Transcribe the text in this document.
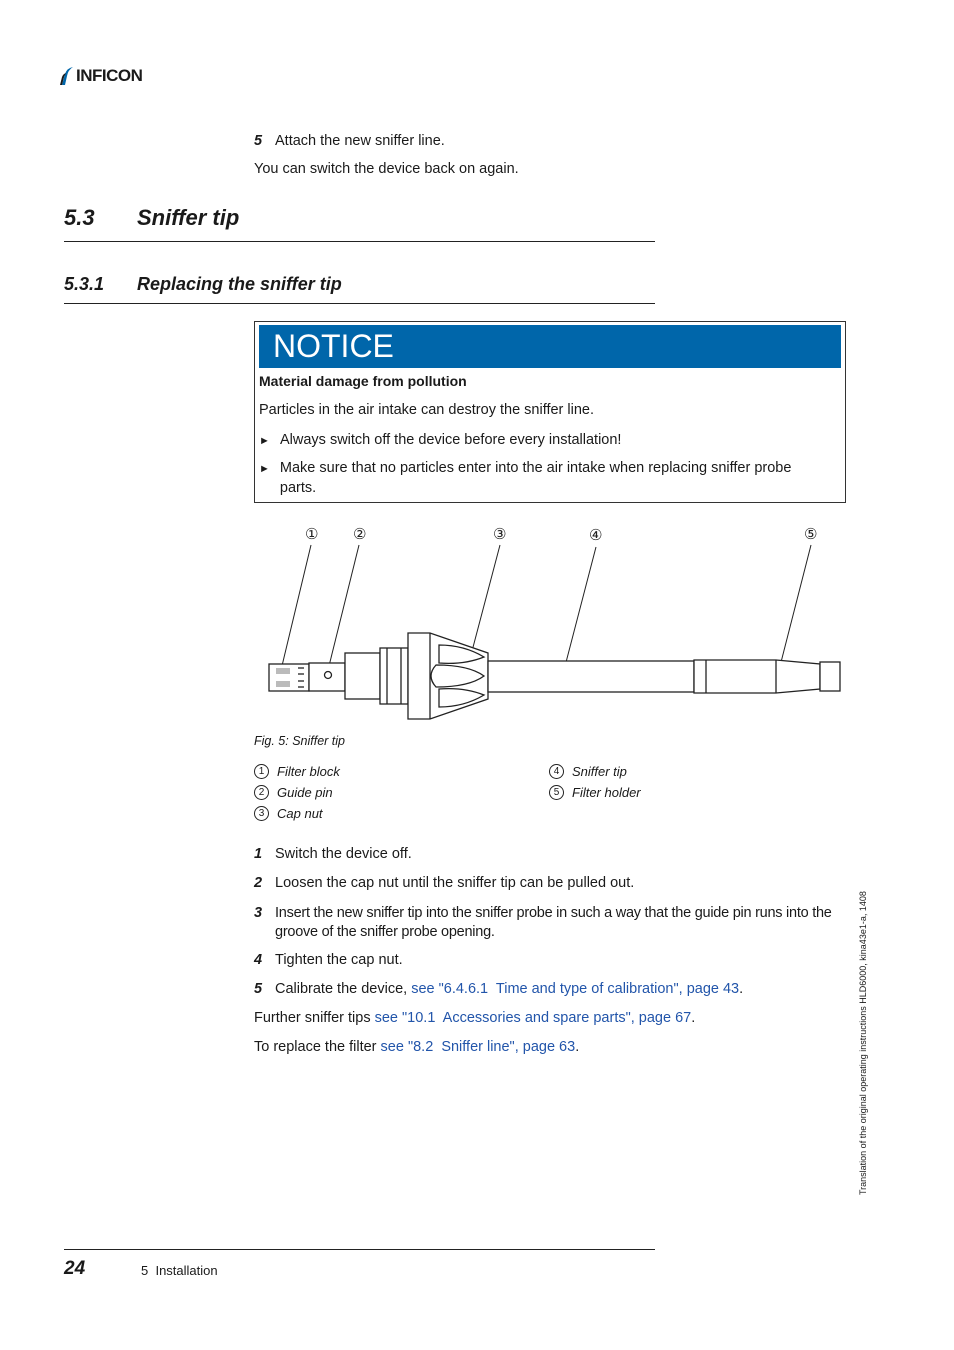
INFICON
5 Attach the new sniffer line.
You can switch the device back on again.
5.3 Sniffer tip
5.3.1 Replacing the sniffer tip
NOTICE
Material damage from pollution
Particles in the air intake can destroy the sniffer line.
► Always switch off the device before every installation!
► Make sure that no particles enter into the air intake when replacing sniffer probe parts.
① ②	③	④	⑤
Fig. 5: Sniffer tip
1 Filter block
2 Guide pin
3 Cap nut
4 Sniffer tip
5 Filter holder
1 Switch the device off.
2 Loosen the cap nut until the sniffer tip can be pulled out.
3 Insert the new sniffer tip into the sniffer probe in such a way that the guide pin runs into the groove of the sniffer probe opening.
4 Tighten the cap nut.
5 Calibrate the device, see "6.4.6.1  Time and type of calibration", page 43 .
Further sniffer tips see "10.1  Accessories and spare parts", page 67.
To replace the filter see "8.2  Sniffer line", page 63.	Translation of the original operating instructions HLD6000, kina43e1-a, 1408
24	5 Installation
